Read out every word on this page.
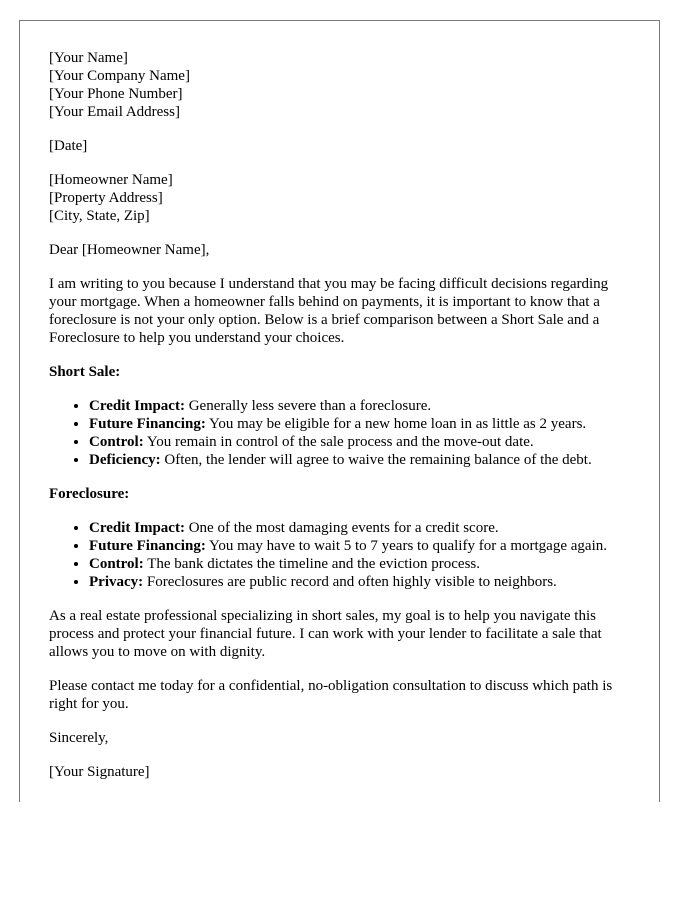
[Your Name]
[Your Company Name]
[Your Phone Number]
[Your Email Address]
[Date]
[Homeowner Name]
[Property Address]
[City, State, Zip]

Dear [Homeowner Name],

I am writing to you because I understand that you may be facing difficult decisions regarding your mortgage. When a homeowner falls behind on payments, it is important to know that a foreclosure is not your only option. Below is a brief comparison between a Short Sale and a Foreclosure to help you understand your choices.

Short Sale:

• Credit Impact: Generally less severe than a foreclosure.
• Future Financing: You may be eligible for a new home loan in as little as 2 years.
• Control: You remain in control of the sale process and the move-out date.
• Deficiency: Often, the lender will agree to waive the remaining balance of the debt.

Foreclosure:

• Credit Impact: One of the most damaging events for a credit score.
• Future Financing: You may have to wait 5 to 7 years to qualify for a mortgage again.
• Control: The bank dictates the timeline and the eviction process.
• Privacy: Foreclosures are public record and often highly visible to neighbors.

As a real estate professional specializing in short sales, my goal is to help you navigate this process and protect your financial future. I can work with your lender to facilitate a sale that allows you to move on with dignity.

Please contact me today for a confidential, no-obligation consultation to discuss which path is right for you.

Sincerely,

[Your Signature]
